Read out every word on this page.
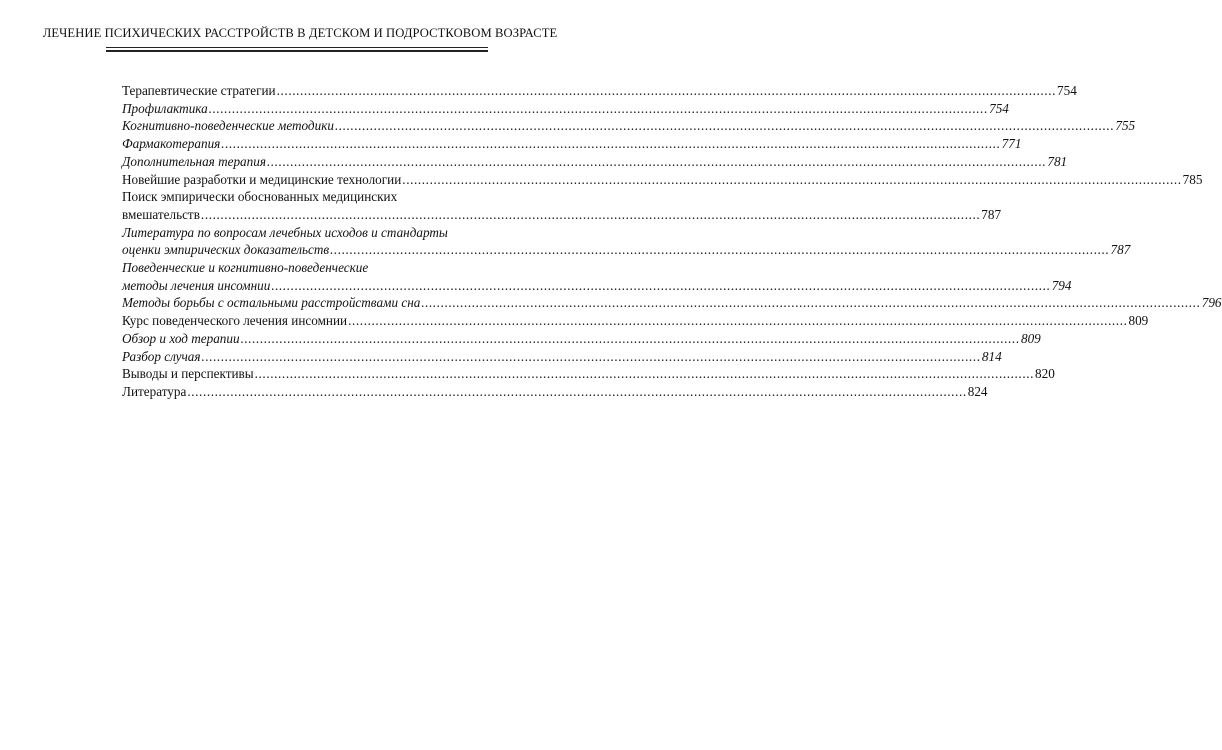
ЛЕЧЕНИЕ ПСИХИЧЕСКИХ РАССТРОЙСТВ В ДЕТСКОМ И ПОДРОСТКОВОМ ВОЗРАСТЕ
Терапевтические стратегии ........................................................................................................................................................................................................ 754
Профилактика ........................................................................................................................................................................................................ 754
Когнитивно-поведенческие методики ........................................................................................................................................................................................................ 755
Фармакотерапия ........................................................................................................................................................................................................ 771
Дополнительная терапия ........................................................................................................................................................................................................ 781
Новейшие разработки и медицинские технологии ........................................................................................................................................................................................................ 785
Поиск эмпирически обоснованных медицинских
вмешательств ........................................................................................................................................................................................................ 787
Литература по вопросам лечебных исходов и стандарты
оценки эмпирических доказательств ........................................................................................................................................................................................................ 787
Поведенческие и когнитивно-поведенческие
методы лечения инсомнии ........................................................................................................................................................................................................ 794
Методы борьбы с остальными расстройствами сна ........................................................................................................................................................................................................ 796
Курс поведенческого лечения инсомнии ........................................................................................................................................................................................................ 809
Обзор и ход терапии ........................................................................................................................................................................................................ 809
Разбор случая ........................................................................................................................................................................................................ 814
Выводы и перспективы ........................................................................................................................................................................................................ 820
Литература ........................................................................................................................................................................................................ 824
